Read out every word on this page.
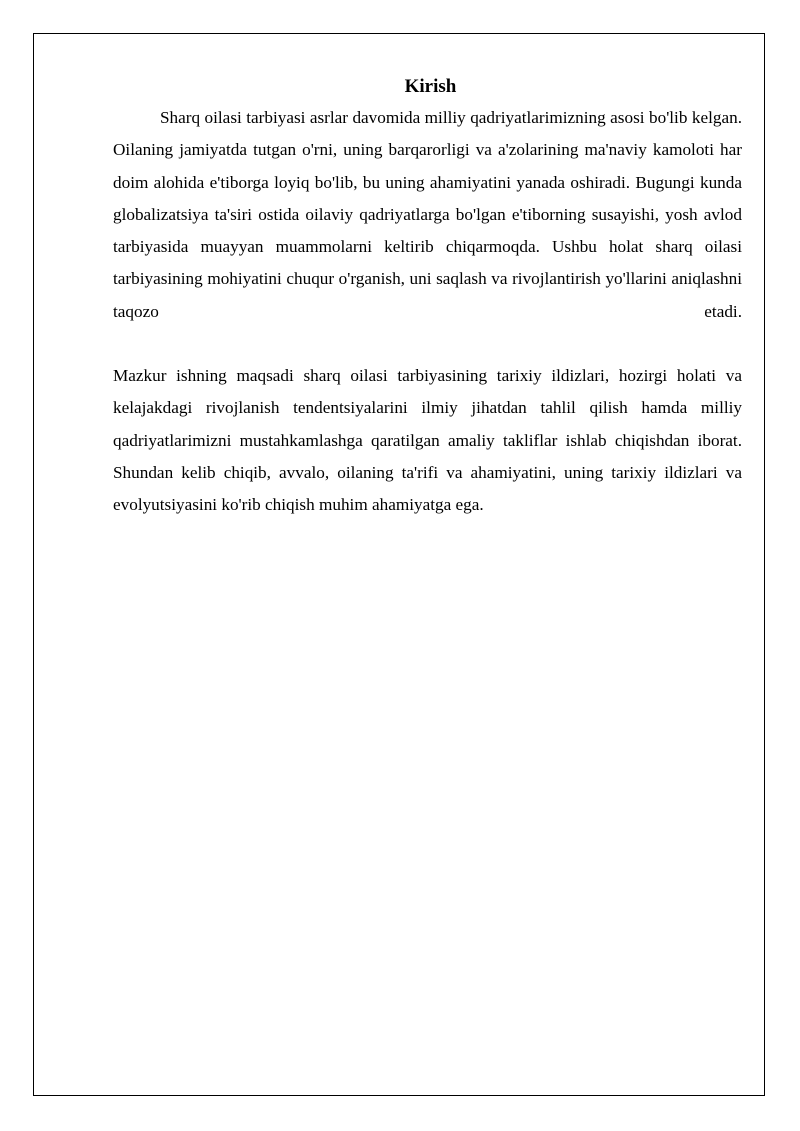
Kirish

Sharq oilasi tarbiyasi asrlar davomida milliy qadriyatlarimizning asosi bo'lib kelgan. Oilaning jamiyatda tutgan o'rni, uning barqarorligi va a'zolarining ma'naviy kamoloti har doim alohida e'tiborga loyiq bo'lib, bu uning ahamiyatini yanada oshiradi. Bugungi kunda globalizatsiya ta'siri ostida oilaviy qadriyatlarga bo'lgan e'tiborning susayishi, yosh avlod tarbiyasida muayyan muammolarni keltirib chiqarmoqda. Ushbu holat sharq oilasi tarbiyasining mohiyatini chuqur o'rganish, uni saqlash va rivojlantirish yo'llarini aniqlashni taqozo etadi.

Mazkur ishning maqsadi sharq oilasi tarbiyasining tarixiy ildizlari, hozirgi holati va kelajakdagi rivojlanish tendentsiyalarini ilmiy jihatdan tahlil qilish hamda milliy qadriyatlarimizni mustahkamlashga qaratilgan amaliy takliflar ishlab chiqishdan iborat. Shundan kelib chiqib, avvalo, oilaning ta'rifi va ahamiyatini, uning tarixiy ildizlari va evolyutsiyasini ko'rib chiqish muhim ahamiyatga ega.
